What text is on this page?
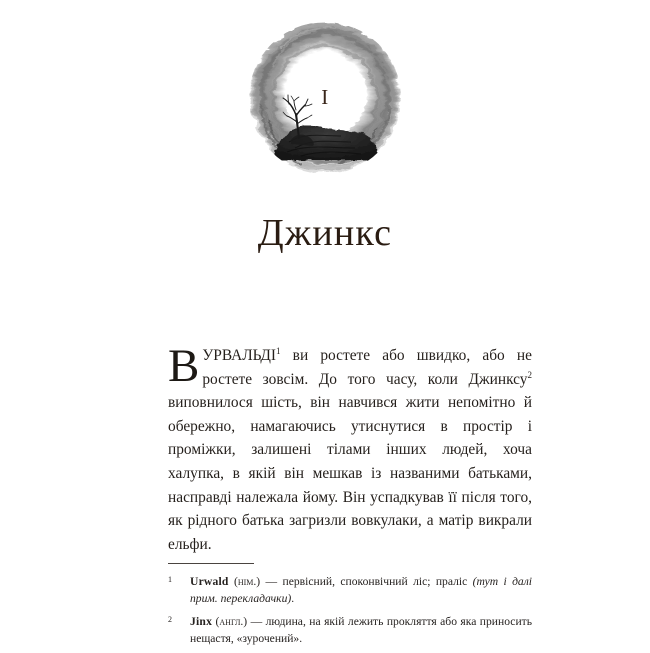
I
Джинкс

ВУРВАЛЬДІ$^1$ ви ростете або швидко, або не ростете зовсім. До того часу, коли Джинксу$^2$ виповнилося шість, він навчився жити непомітно й обережно, намагаючись утиснутися в простір і проміжки, залишені тілами інших людей, хоча халупка, в якій він мешкав із названими батьками, насправді належала йому. Він успадкував її після того, як рідного батька загризли вовкулаки, а матір викрали ельфи.

1	Urwald (нім.) — первісний, споконвічний ліс; праліс (тут і далі прим. перекладачки).
2	Jinx (англ.) — людина, на якій лежить прокляття або яка приносить нещастя, «зурочений».
